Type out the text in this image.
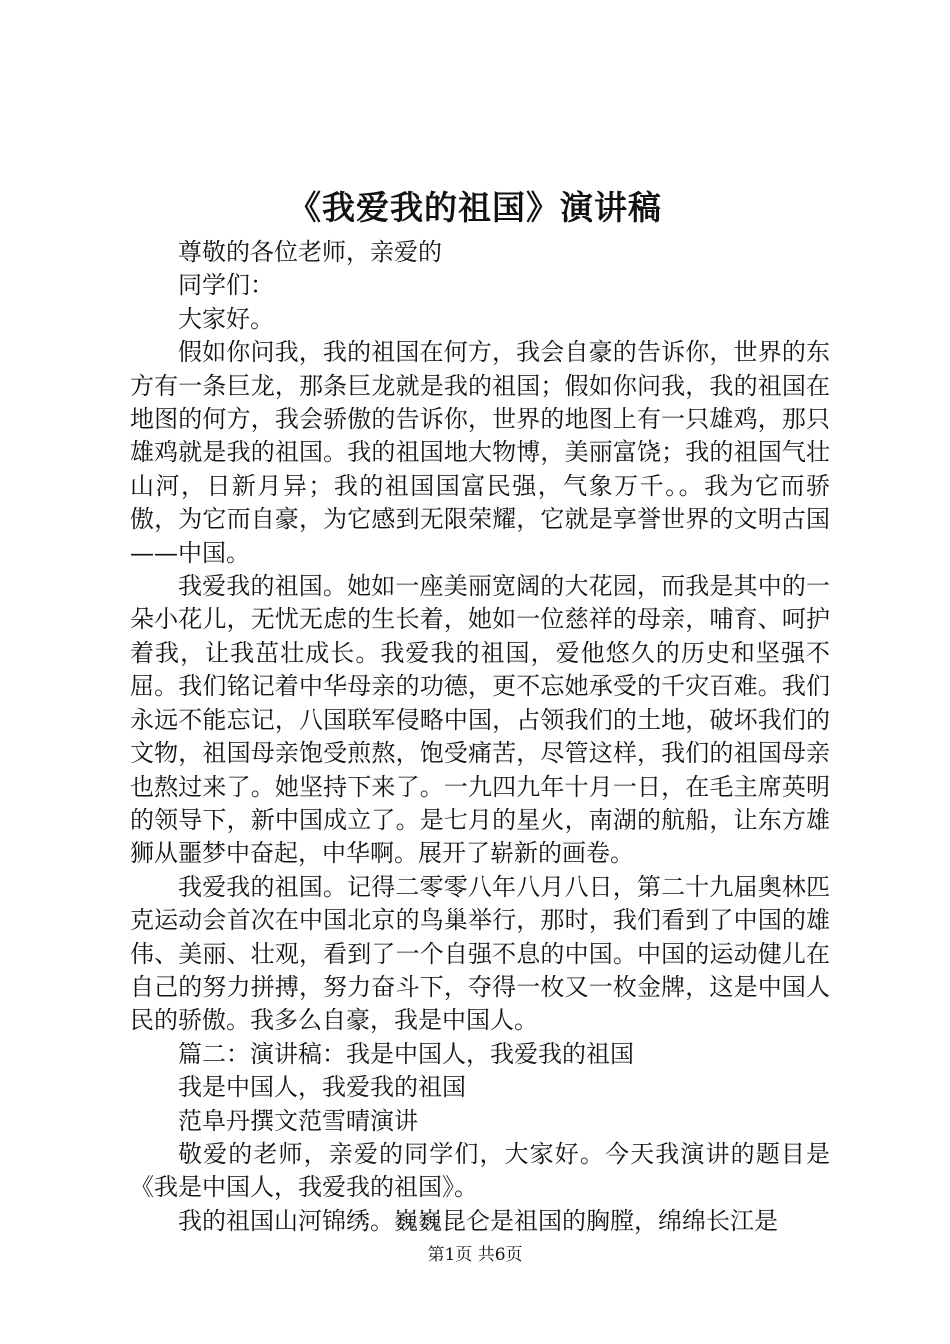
《我爱我的祖国》演讲稿

尊敬的各位老师，亲爱的

同学们：

大家好。

假如你问我，我的祖国在何方，我会自豪的告诉你，世界的东方有一条巨龙，那条巨龙就是我的祖国；假如你问我，我的祖国在地图的何方，我会骄傲的告诉你，世界的地图上有一只雄鸡，那只雄鸡就是我的祖国。我的祖国地大物博，美丽富饶；我的祖国气壮山河，日新月异；我的祖国国富民强，气象万千。。我为它而骄傲，为它而自豪，为它感到无限荣耀，它就是享誉世界的文明古国——中国。

我爱我的祖国。她如一座美丽宽阔的大花园，而我是其中的一朵小花儿，无忧无虑的生长着，她如一位慈祥的母亲，哺育、呵护着我，让我茁壮成长。我爱我的祖国，爱他悠久的历史和坚强不屈。我们铭记着中华母亲的功德，更不忘她承受的千灾百难。我们永远不能忘记，八国联军侵略中国，占领我们的土地，破坏我们的文物，祖国母亲饱受煎熬，饱受痛苦，尽管这样，我们的祖国母亲也熬过来了。她坚持下来了。一九四九年十月一日，在毛主席英明的领导下，新中国成立了。是七月的星火，南湖的航船，让东方雄狮从噩梦中奋起，中华啊。展开了崭新的画卷。

我爱我的祖国。记得二零零八年八月八日，第二十九届奥林匹克运动会首次在中国北京的鸟巢举行，那时，我们看到了中国的雄伟、美丽、壮观，看到了一个自强不息的中国。中国的运动健儿在自己的努力拼搏，努力奋斗下，夺得一枚又一枚金牌，这是中国人民的骄傲。我多么自豪，我是中国人。

篇二：演讲稿：我是中国人，我爱我的祖国

我是中国人，我爱我的祖国

范阜丹撰文范雪晴演讲

敬爱的老师，亲爱的同学们，大家好。今天我演讲的题目是《我是中国人，我爱我的祖国》。

我的祖国山河锦绣。巍巍昆仑是祖国的胸膛，绵绵长江是

第1页 共6页
